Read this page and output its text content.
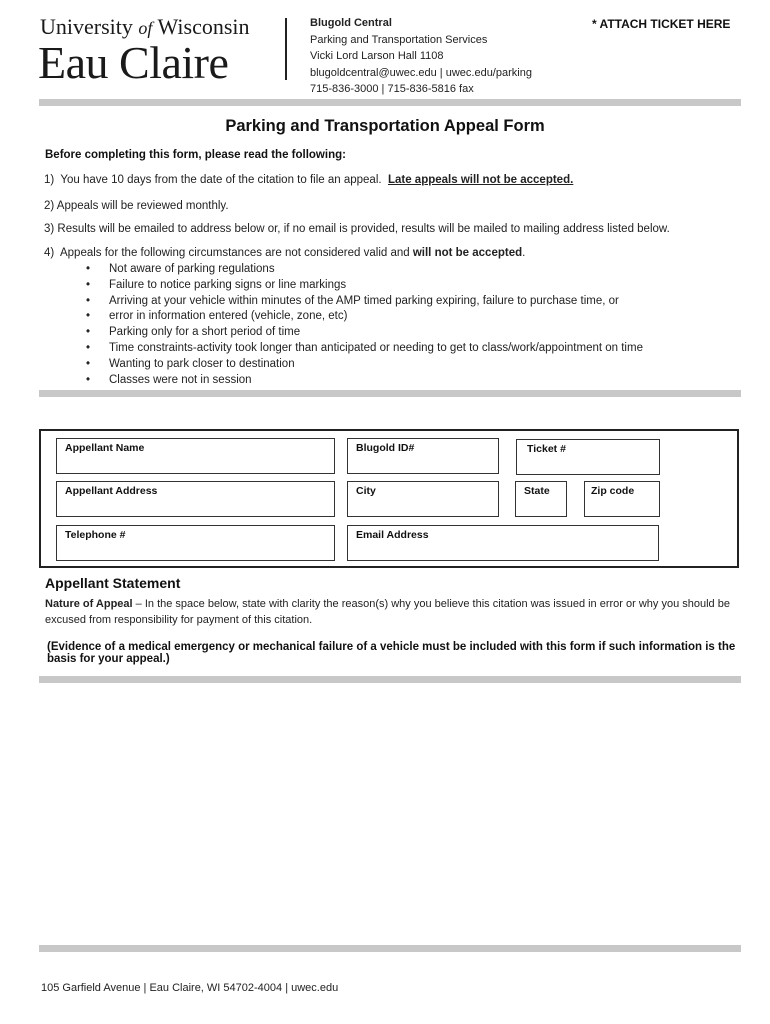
University of Wisconsin
Eau Claire
Blugold Central
Parking and Transportation Services
Vicki Lord Larson Hall 1108
blugoldcentral@uwec.edu | uwec.edu/parking
715-836-3000 | 715-836-5816 fax
* ATTACH TICKET HERE
Parking and Transportation Appeal Form
Before completing this form, please read the following:
1)  You have 10 days from the date of the citation to file an appeal.  Late appeals will not be accepted.
2) Appeals will be reviewed monthly.
3) Results will be emailed to address below or, if no email is provided, results will be mailed to mailing address listed below.
4)  Appeals for the following circumstances are not considered valid and will not be accepted.
• Not aware of parking regulations
• Failure to notice parking signs or line markings
• Arriving at your vehicle within minutes of the AMP timed parking expiring, failure to purchase time, or
• error in information entered (vehicle, zone, etc)
• Parking only for a short period of time
• Time constraints-activity took longer than anticipated or needing to get to class/work/appointment on time
• Wanting to park closer to destination
• Classes were not in session
Appellant Name	Blugold ID#	Ticket #
Appellant Address	City	State	Zip code
Telephone #	Email Address
Appellant Statement
Nature of Appeal – In the space below, state with clarity the reason(s) why you believe this citation was issued in error or why you should be excused from responsibility for payment of this citation.
(Evidence of a medical emergency or mechanical failure of a vehicle must be included with this form if such information is the basis for your appeal.)
105 Garfield Avenue | Eau Claire, WI 54702-4004 | uwec.edu
